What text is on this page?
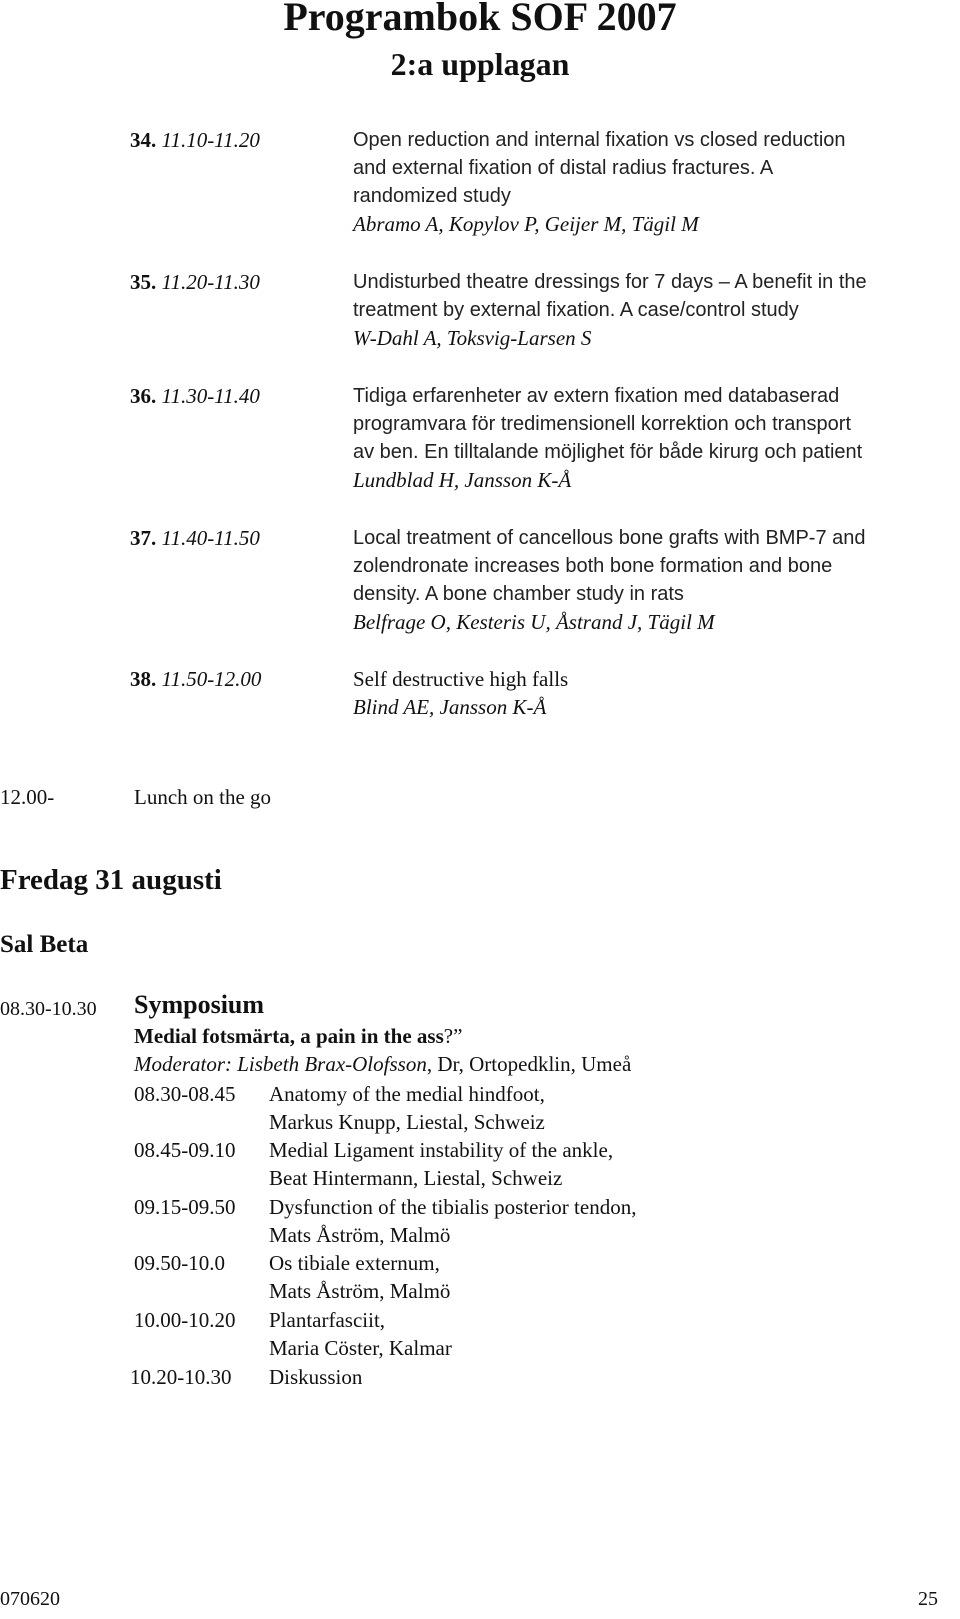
Programbok SOF 2007
2:a upplagan
34. 11.10-11.20	Open reduction and internal fixation vs closed reduction
and external fixation of distal radius fractures. A
randomized study
Abramo A, Kopylov P, Geijer M, Tägil M
35. 11.20-11.30	Undisturbed theatre dressings for 7 days – A benefit in the
treatment by external fixation. A case/control study
W-Dahl A, Toksvig-Larsen S
36. 11.30-11.40	Tidiga erfarenheter av extern fixation med databaserad
programvara för tredimensionell korrektion och transport
av ben. En tilltalande möjlighet för både kirurg och patient
Lundblad H, Jansson K-Å
37. 11.40-11.50	Local treatment of cancellous bone grafts with BMP-7 and
zolendronate increases both bone formation and bone
density. A bone chamber study in rats
Belfrage O, Kesteris U, Åstrand J, Tägil M
38. 11.50-12.00	Self destructive high falls
Blind AE, Jansson K-Å
12.00-	Lunch on the go
Fredag 31 augusti
Sal Beta
08.30-10.30 Symposium
Medial fotsmärta, a pain in the ass?”
Moderator: Lisbeth Brax-Olofsson, Dr, Ortopedklin, Umeå
08.30-08.45 Anatomy of the medial hindfoot,
Markus Knupp, Liestal, Schweiz
08.45-09.10 Medial Ligament instability of the ankle,
Beat Hintermann, Liestal, Schweiz
09.15-09.50 Dysfunction of the tibialis posterior tendon,
Mats Åström, Malmö
09.50-10.0 Os tibiale externum,
Mats Åström, Malmö
10.00-10.20 Plantarfasciit,
Maria Cöster, Kalmar
10.20-10.30 Diskussion
070620	25
